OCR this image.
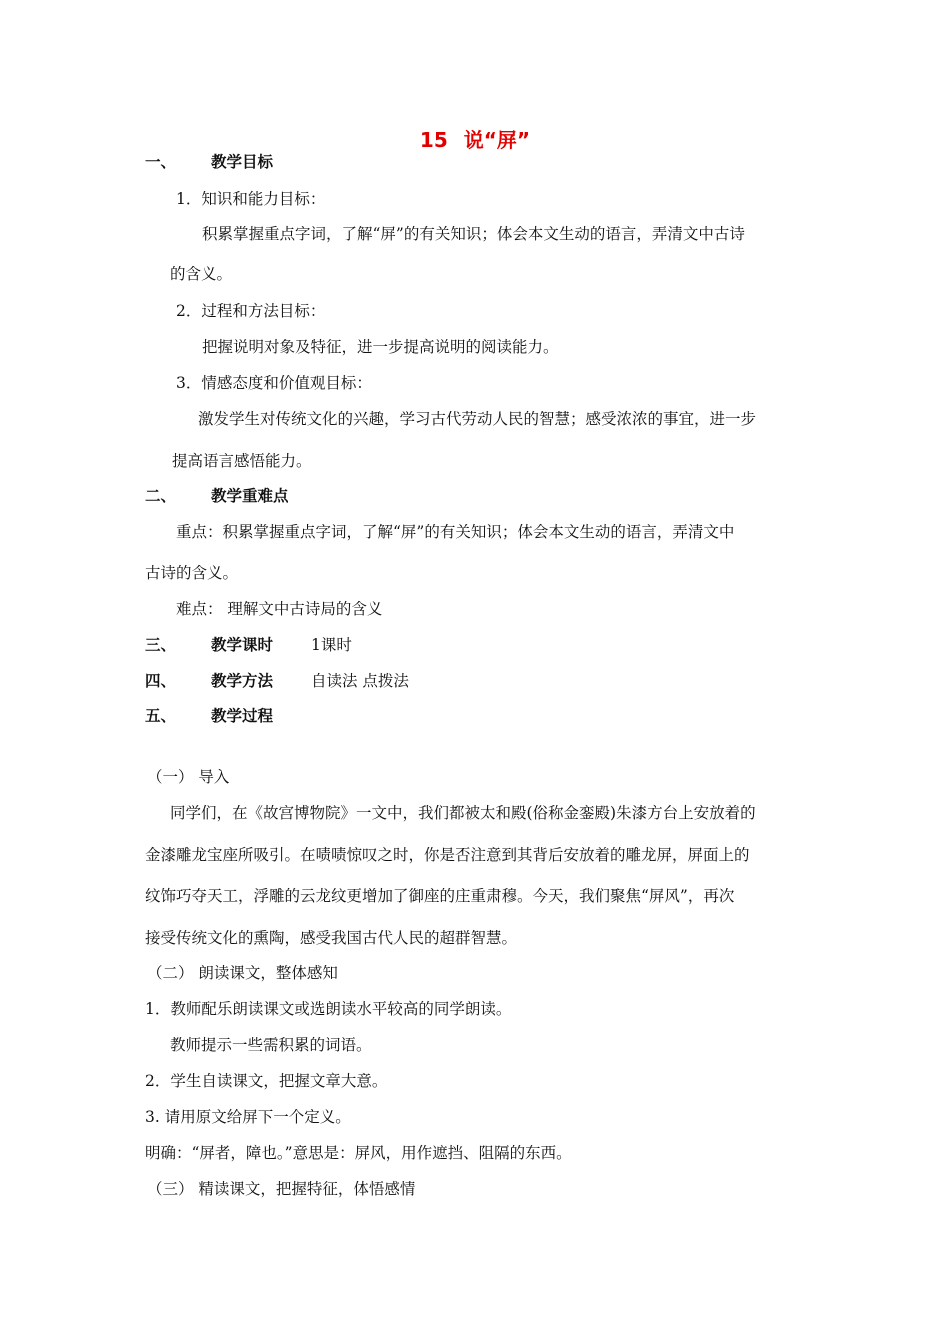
15 说“屏”
一、 教学目标
1．知识和能力目标：
积累掌握重点字词，了解“屏”的有关知识；体会本文生动的语言，弄清文中古诗
的含义。
2．过程和方法目标：
把握说明对象及特征，进一步提高说明的阅读能力。
3．情感态度和价值观目标：
激发学生对传统文化的兴趣，学习古代劳动人民的智慧；感受浓浓的事宜，进一步
提高语言感悟能力。
二、 教学重难点
重点：积累掌握重点字词，了解“屏”的有关知识；体会本文生动的语言，弄清文中
古诗的含义。
难点： 理解文中古诗局的含义
三、 教学课时 1课时
四、 教学方法 自读法 点拨法
五、 教学过程
（一） 导入
同学们，在《故宫博物院》一文中，我们都被太和殿(俗称金銮殿)朱漆方台上安放着的
金漆雕龙宝座所吸引。在啧啧惊叹之时，你是否注意到其背后安放着的雕龙屏，屏面上的
纹饰巧夺天工，浮雕的云龙纹更增加了御座的庄重肃穆。今天，我们聚焦“屏风”，再次
接受传统文化的熏陶，感受我国古代人民的超群智慧。
（二） 朗读课文，整体感知
1．教师配乐朗读课文或选朗读水平较高的同学朗读。
教师提示一些需积累的词语。
2．学生自读课文，把握文章大意。
3. 请用原文给屏下一个定义。
明确：“屏者，障也。”意思是：屏风，用作遮挡、阻隔的东西。
（三） 精读课文，把握特征，体悟感情
